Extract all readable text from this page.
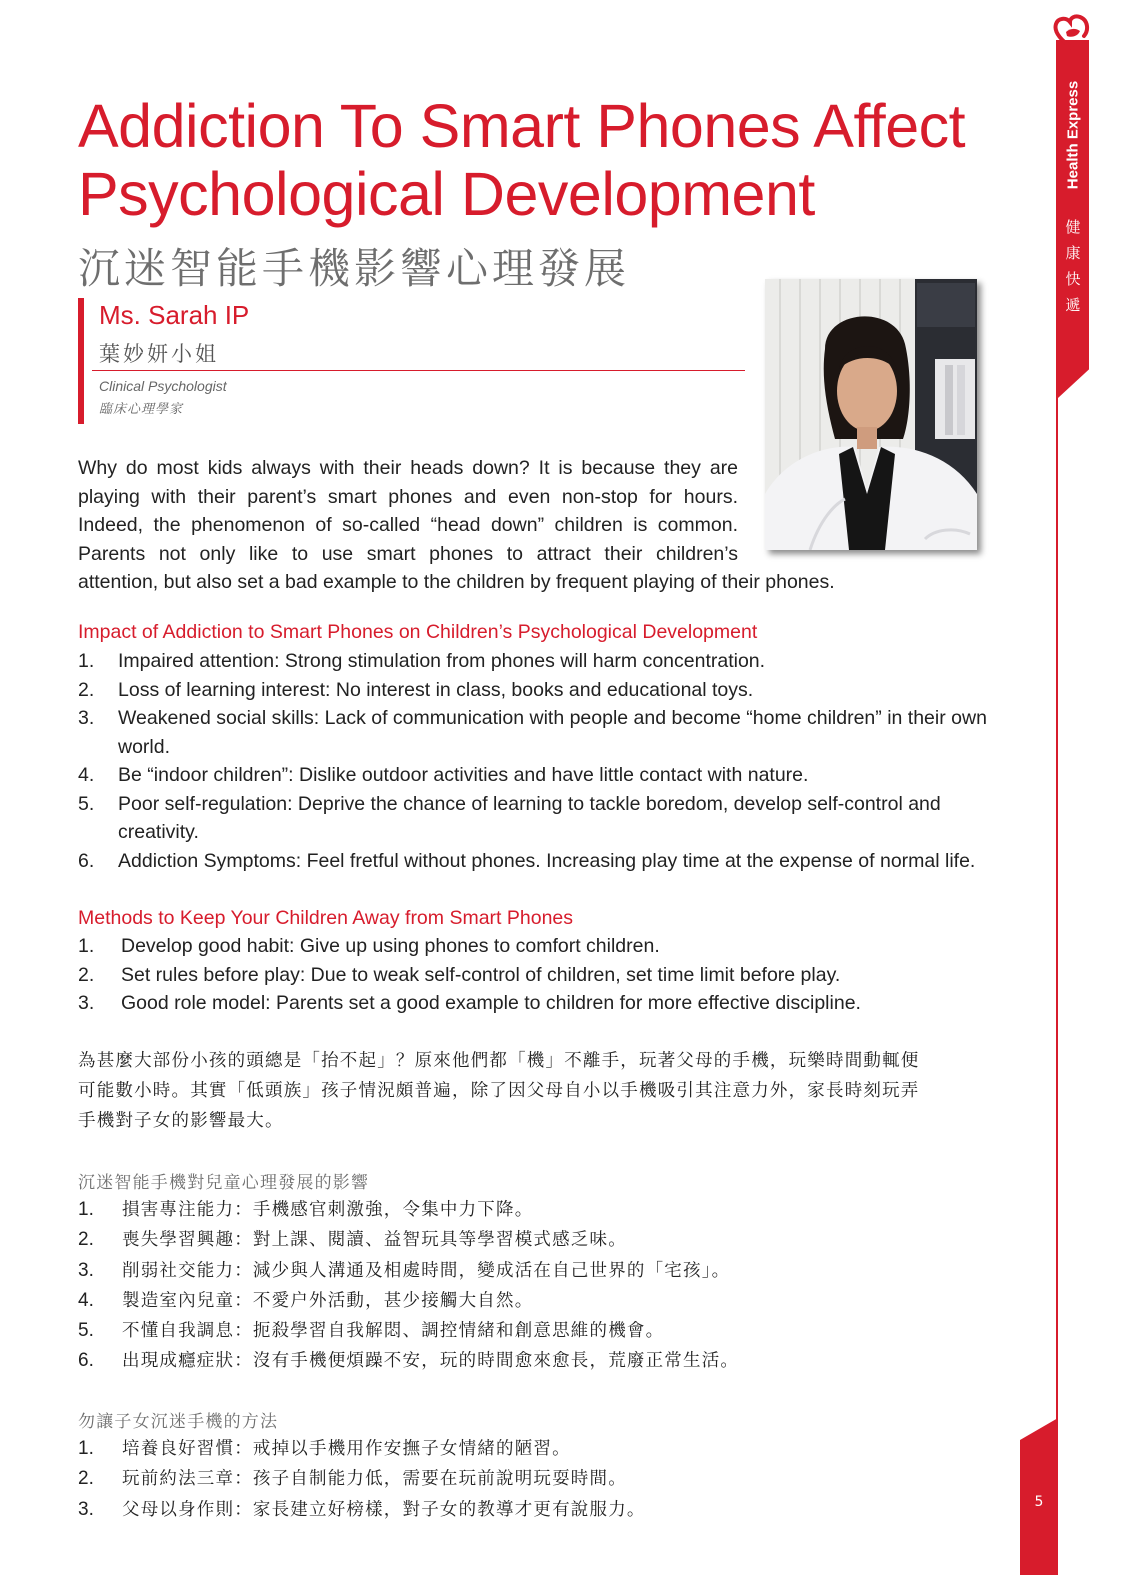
Health Express
健
康
快
遞
5
Addiction To Smart Phones Affect
Psychological Development
沉迷智能手機影響心理發展
Ms. Sarah IP
葉妙妍小姐
Clinical Psychologist
臨床心理學家
Why do most kids always with their heads down? It is because they are
playing with their parent’s smart phones and even non-stop for hours.
Indeed, the phenomenon of so-called “head down” children is common.
Parents not only like to use smart phones to attract their children’s
attention, but also set a bad example to the children by frequent playing of their phones.
Impact of Addiction to Smart Phones on Children’s Psychological Development
1. Impaired attention: Strong stimulation from phones will harm concentration.
2. Loss of learning interest: No interest in class, books and educational toys.
3. Weakened social skills: Lack of communication with people and become “home children” in their own world.
4. Be “indoor children”: Dislike outdoor activities and have little contact with nature.
5. Poor self-regulation: Deprive the chance of learning to tackle boredom, develop self-control and creativity.
6. Addiction Symptoms: Feel fretful without phones. Increasing play time at the expense of normal life.
Methods to Keep Your Children Away from Smart Phones
1. Develop good habit: Give up using phones to comfort children.
2. Set rules before play: Due to weak self-control of children, set time limit before play.
3. Good role model: Parents set a good example to children for more effective discipline.
為甚麼大部份小孩的頭總是「抬不起」？原來他們都「機」不離手，玩著父母的手機，玩樂時間動輒便
可能數小時。其實「低頭族」孩子情況頗普遍，除了因父母自小以手機吸引其注意力外，家長時刻玩弄
手機對子女的影響最大。
沉迷智能手機對兒童心理發展的影響
1. 損害專注能力：手機感官刺激強，令集中力下降。
2. 喪失學習興趣：對上課、閱讀、益智玩具等學習模式感乏味。
3. 削弱社交能力：減少與人溝通及相處時間，變成活在自己世界的「宅孩」。
4. 製造室內兒童：不愛户外活動，甚少接觸大自然。
5. 不懂自我調息：扼殺學習自我解悶、調控情緒和創意思維的機會。
6. 出現成癮症狀：沒有手機便煩躁不安，玩的時間愈來愈長，荒廢正常生活。
勿讓子女沉迷手機的方法
1. 培養良好習慣：戒掉以手機用作安撫子女情緒的陋習。
2. 玩前約法三章：孩子自制能力低，需要在玩前說明玩耍時間。
3. 父母以身作則：家長建立好榜樣，對子女的教導才更有說服力。
